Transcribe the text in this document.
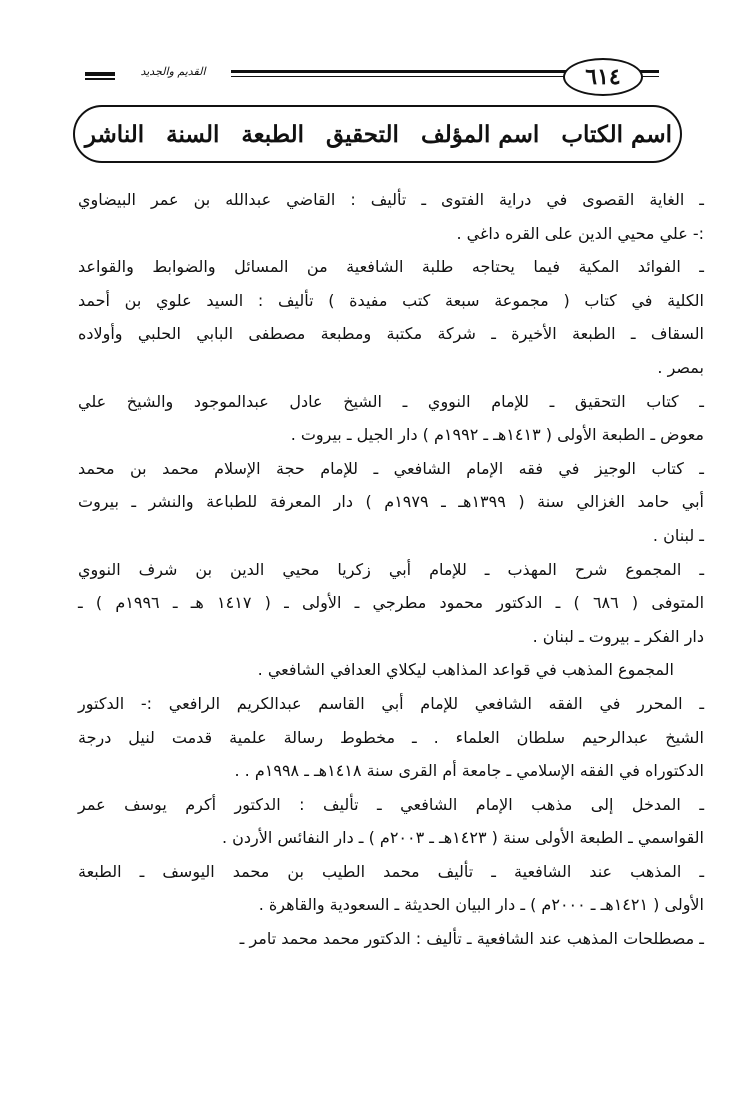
القديم والجديد	٦١٤
اسم الكتاب
اسم المؤلف
التحقيق
الطبعة
السنة
الناشر
ـ الغاية القصوى في دراية الفتوى ـ تأليف : القاضي عبدالله بن عمر البيضاوي
:- علي محيي الدين على القره داغي .
ـ الفوائد المكية فيما يحتاجه طلبة الشافعية من المسائل والضوابط والقواعد
الكلية في كتاب ( مجموعة سبعة كتب مفيدة ) تأليف : السيد علوي بن أحمد
السقاف ـ الطبعة الأخيرة ـ شركة مكتبة ومطبعة مصطفى البابي الحلبي وأولاده
بمصر .
ـ كتاب التحقيق ـ للإمام النووي ـ الشيخ عادل عبدالموجود والشيخ علي
معوض ـ الطبعة الأولى ( ١٤١٣هـ ـ ١٩٩٢م ) دار الجيل ـ بيروت .
ـ كتاب الوجيز في فقه الإمام الشافعي ـ للإمام حجة الإسلام محمد بن محمد
أبي حامد الغزالي سنة ( ١٣٩٩هـ ـ ١٩٧٩م ) دار المعرفة للطباعة والنشر ـ بيروت
ـ لبنان .
ـ المجموع شرح المهذب ـ للإمام أبي زكريا محيي الدين بن شرف النووي
المتوفى ( ٦٨٦ ) ـ الدكتور محمود مطرجي ـ الأولى ـ ( ١٤١٧ هـ ـ ١٩٩٦م ) ـ
دار الفكر ـ بيروت ـ لبنان .
المجموع المذهب في قواعد المذاهب ليكلاي العدافي الشافعي .
ـ المحرر في الفقه الشافعي للإمام أبي القاسم عبدالكريم الرافعي :- الدكتور
الشيخ عبدالرحيم سلطان العلماء . ـ مخطوط رسالة علمية قدمت لنيل درجة
الدكتوراه في الفقه الإسلامي ـ جامعة أم القرى سنة ١٤١٨هـ ـ ١٩٩٨م . .
ـ المدخل إلى مذهب الإمام الشافعي ـ تأليف : الدكتور أكرم يوسف عمر
القواسمي ـ الطبعة الأولى سنة ( ١٤٢٣هـ ـ ٢٠٠٣م ) ـ دار النفائس الأردن .
ـ المذهب عند الشافعية ـ تأليف محمد الطيب بن محمد اليوسف ـ الطبعة
الأولى ( ١٤٢١هـ ـ ٢٠٠٠م ) ـ دار البيان الحديثة ـ السعودية والقاهرة .
ـ مصطلحات المذهب عند الشافعية ـ تأليف : الدكتور محمد محمد تامر ـ
